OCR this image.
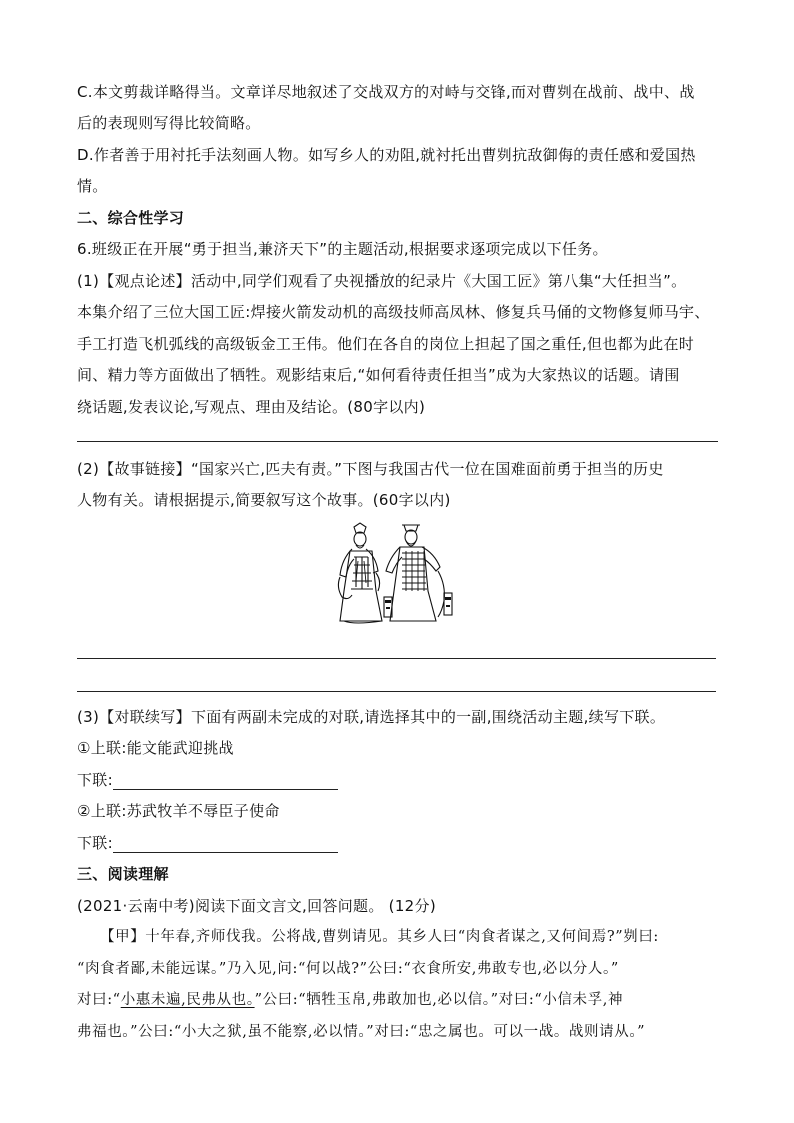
C.本文剪裁详略得当。文章详尽地叙述了交战双方的对峙与交锋,而对曹刿在战前、战中、战
后的表现则写得比较简略。
D.作者善于用衬托手法刻画人物。如写乡人的劝阻,就衬托出曹刿抗敌御侮的责任感和爱国热
情。
二、综合性学习
6.班级正在开展“勇于担当,兼济天下”的主题活动,根据要求逐项完成以下任务。
(1)【观点论述】活动中,同学们观看了央视播放的纪录片《大国工匠》第八集“大任担当”。
本集介绍了三位大国工匠:焊接火箭发动机的高级技师高凤林、修复兵马俑的文物修复师马宇、
手工打造飞机弧线的高级钣金工王伟。他们在各自的岗位上担起了国之重任,但也都为此在时
间、精力等方面做出了牺牲。观影结束后,“如何看待责任担当”成为大家热议的话题。请围
绕话题,发表议论,写观点、理由及结论。(80字以内)
(2)【故事链接】“国家兴亡,匹夫有责。”下图与我国古代一位在国难面前勇于担当的历史
人物有关。请根据提示,简要叙写这个故事。(60字以内)
(3)【对联续写】下面有两副未完成的对联,请选择其中的一副,围绕活动主题,续写下联。
①上联:能文能武迎挑战
下联:
②上联:苏武牧羊不辱臣子使命
下联:
三、阅读理解
(2021·云南中考)阅读下面文言文,回答问题。 (12分)
【甲】十年春,齐师伐我。公将战,曹刿请见。其乡人曰“肉食者谋之,又何间焉?”刿曰:
“肉食者鄙,未能远谋。”乃入见,问:“何以战?”公曰:“衣食所安,弗敢专也,必以分人。”
对曰:“小惠未遍,民弗从也。”公曰:“牺牲玉帛,弗敢加也,必以信。”对曰:“小信未孚,神
弗福也。”公曰:“小大之狱,虽不能察,必以情。”对曰:“忠之属也。可以一战。战则请从。”
